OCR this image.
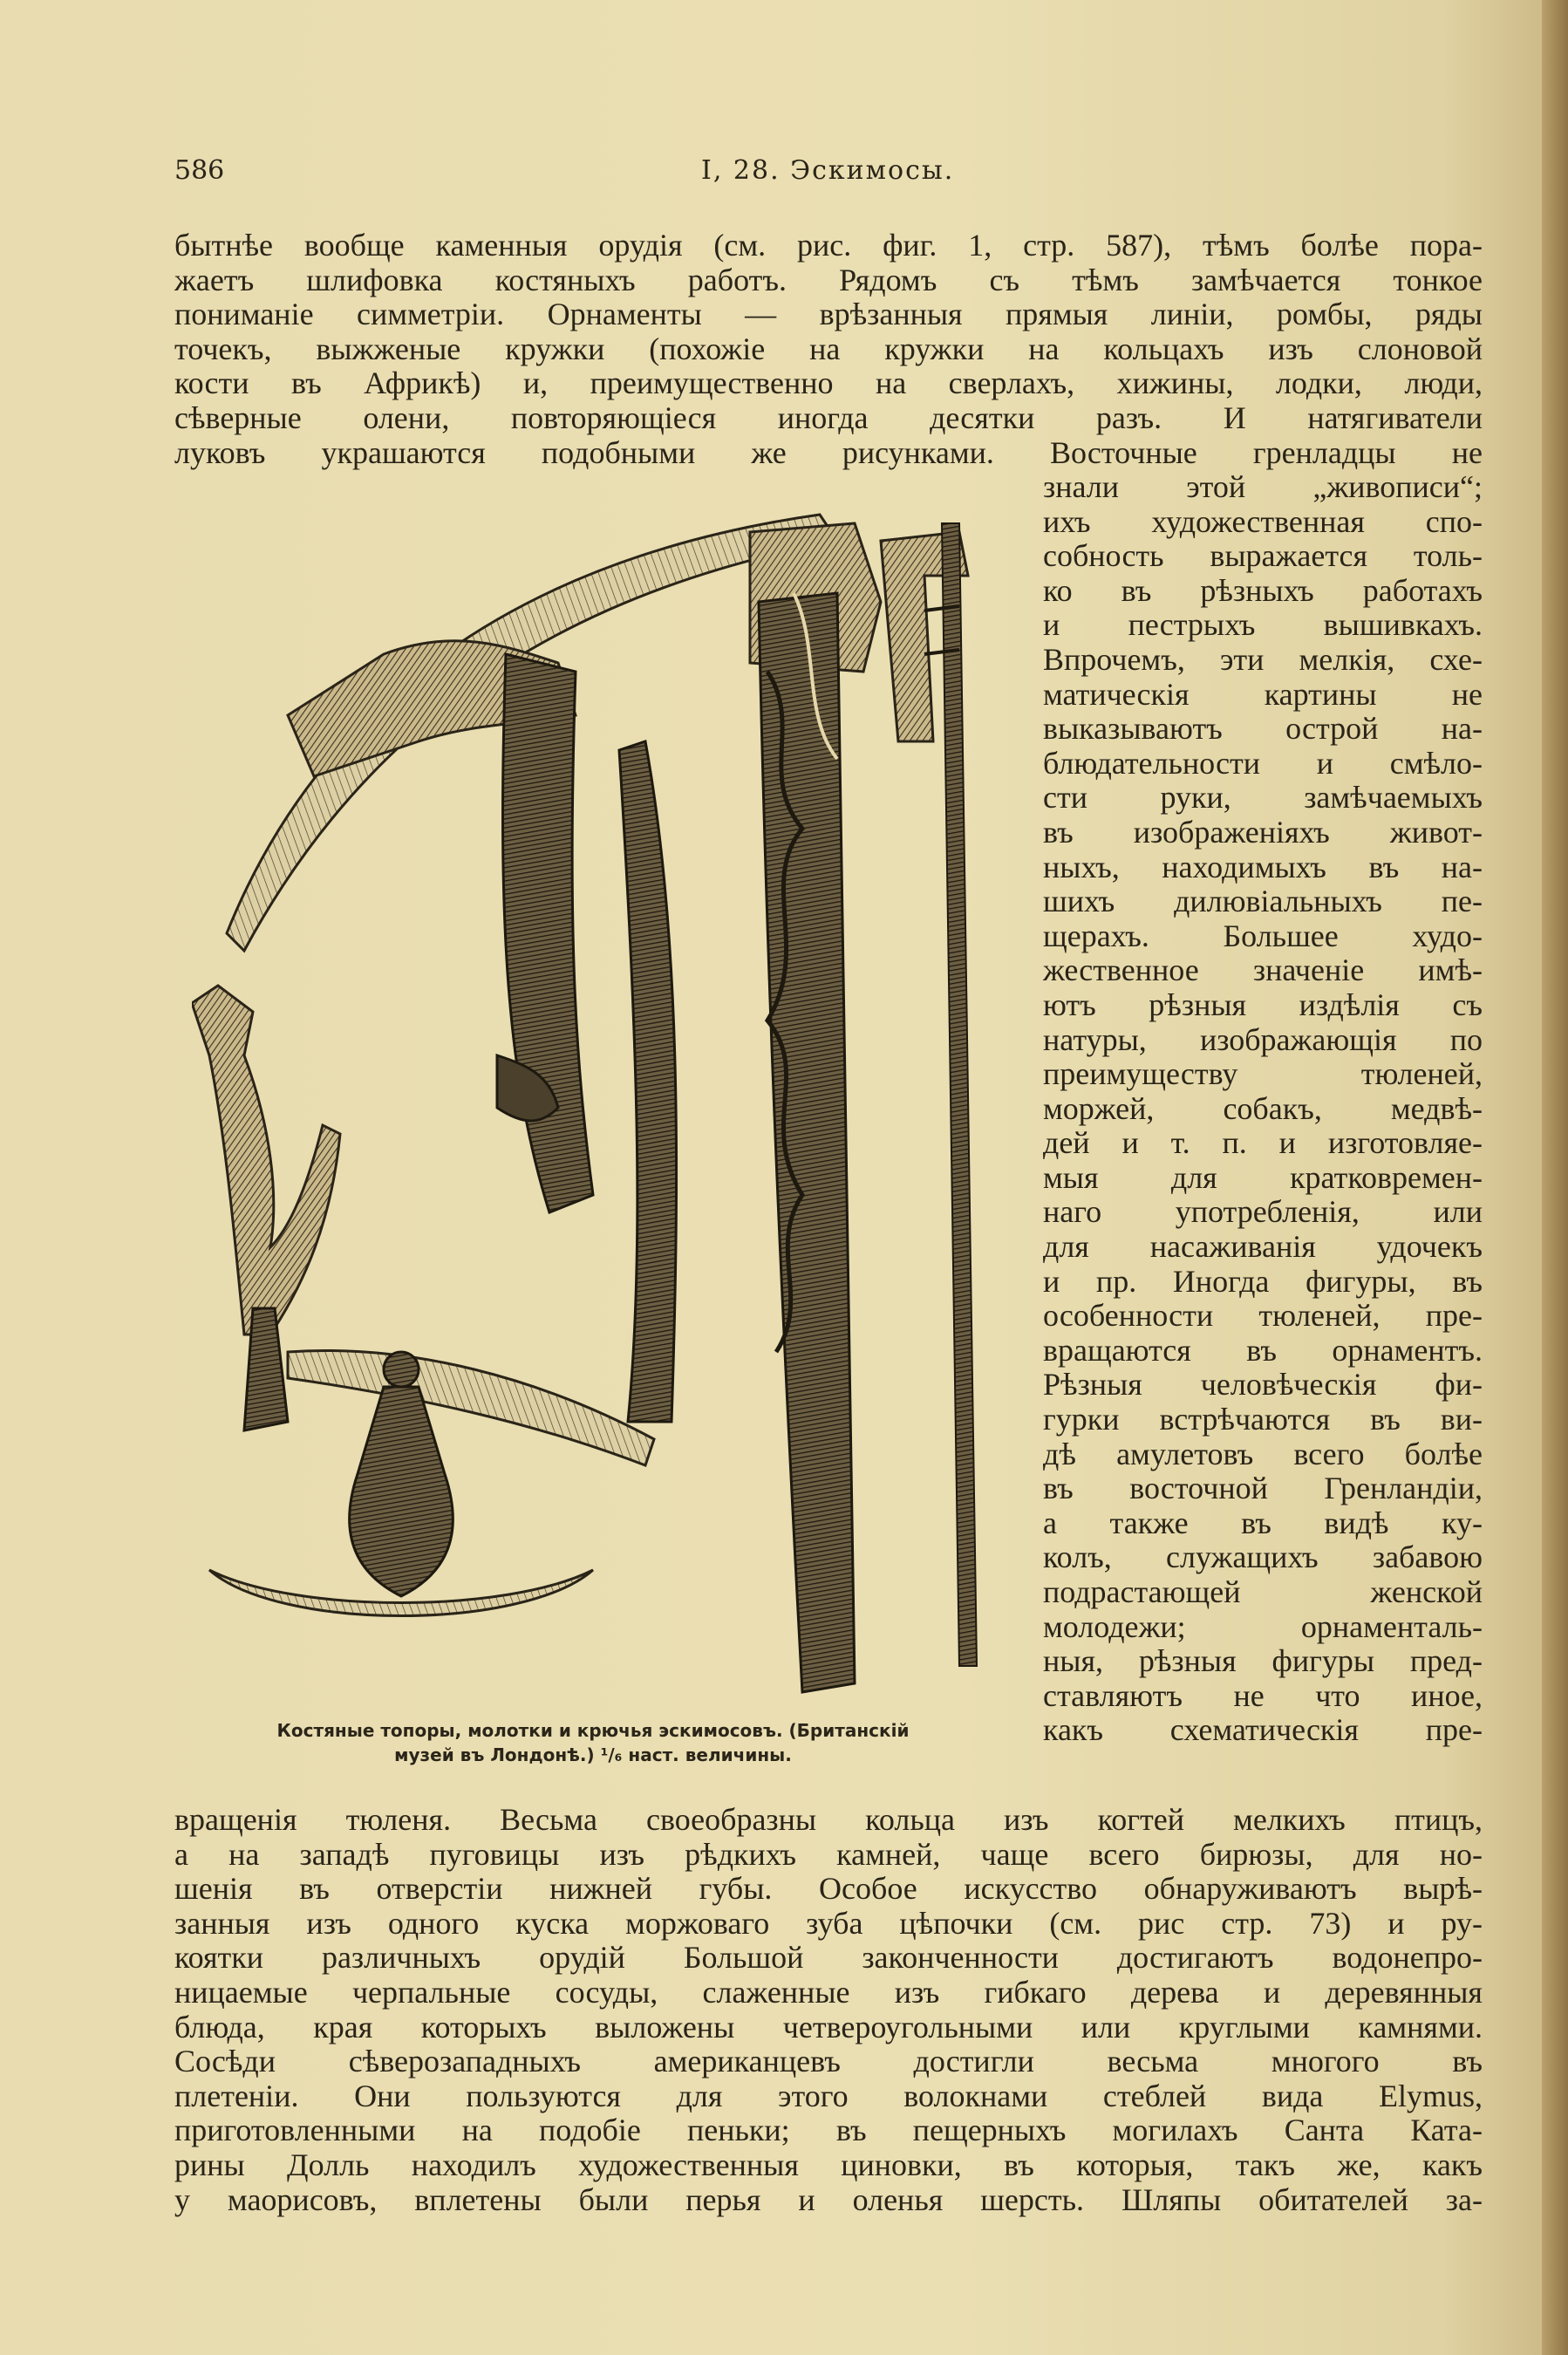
586	I, 28. Эскимосы.
бытнѣе вообще каменныя орудія (см. рис. фиг. 1, стр. 587), тѣмъ болѣе пора-
жаетъ шлифовка костяныхъ работъ. Рядомъ съ тѣмъ замѣчается тонкое
пониманіе симметріи. Орнаменты — врѣзанныя прямыя линіи, ромбы, ряды
точекъ, выжженые кружки (похожіе на кружки на кольцахъ изъ слоновой
кости въ Африкѣ) и, преимущественно на сверлахъ, хижины, лодки, люди,
сѣверные олени, повторяющіеся иногда десятки разъ. И натягиватели
луковъ украшаются подобными же рисунками. Восточные гренладцы не
знали этой „живописи“;
ихъ художественная спо-
собность выражается толь-
ко въ рѣзныхъ работахъ
и пестрыхъ вышивкахъ.
Впрочемъ, эти мелкія, схе-
матическія картины не
выказываютъ острой на-
блюдательности и смѣло-
сти руки, замѣчаемыхъ
въ изображеніяхъ живот-
ныхъ, находимыхъ въ на-
шихъ дилювіальныхъ пе-
щерахъ. Большее худо-
жественное значеніе имѣ-
ютъ рѣзныя издѣлія съ
натуры, изображающія по
преимуществу тюленей,
моржей, собакъ, медвѣ-
дей и т. п. и изготовляе-
мыя для кратковремен-
наго употребленія, или
для насаживанія удочекъ
и пр. Иногда фигуры, въ
особенности тюленей, пре-
вращаются въ орнаментъ.
Рѣзныя человѣческія фи-
гурки встрѣчаются въ ви-
дѣ амулетовъ всего болѣе
въ восточной Гренландіи,
а также въ видѣ ку-
колъ, служащихъ забавою
подрастающей женской
молодежи; орнаменталь-
ныя, рѣзныя фигуры пред-
ставляютъ не что иное,
какъ схематическія пре-
Костяные топоры, молотки и крючья эскимосовъ. (Британскій
музей въ Лондонѣ.) ¹/₆ наст. величины.
вращенія тюленя. Весьма своеобразны кольца изъ когтей мелкихъ птицъ,
а на западѣ пуговицы изъ рѣдкихъ камней, чаще всего бирюзы, для но-
шенія въ отверстіи нижней губы. Особое искусство обнаруживаютъ вырѣ-
занныя изъ одного куска моржоваго зуба цѣпочки (см. рис стр. 73) и ру-
коятки различныхъ орудій Большой законченности достигаютъ водонепро-
ницаемые черпальные сосуды, слаженные изъ гибкаго дерева и деревянныя
блюда, края которыхъ выложены четвероугольными или круглыми камнями.
Сосѣди сѣверозападныхъ американцевъ достигли весьма многого въ
плетеніи. Они пользуются для этого волокнами стеблей вида Elymus,
приготовленными на подобіе пеньки; въ пещерныхъ могилахъ Санта Ката-
рины Долль находилъ художественныя циновки, въ которыя, такъ же, какъ
у маорисовъ, вплетены были перья и оленья шерсть. Шляпы обитателей за-
